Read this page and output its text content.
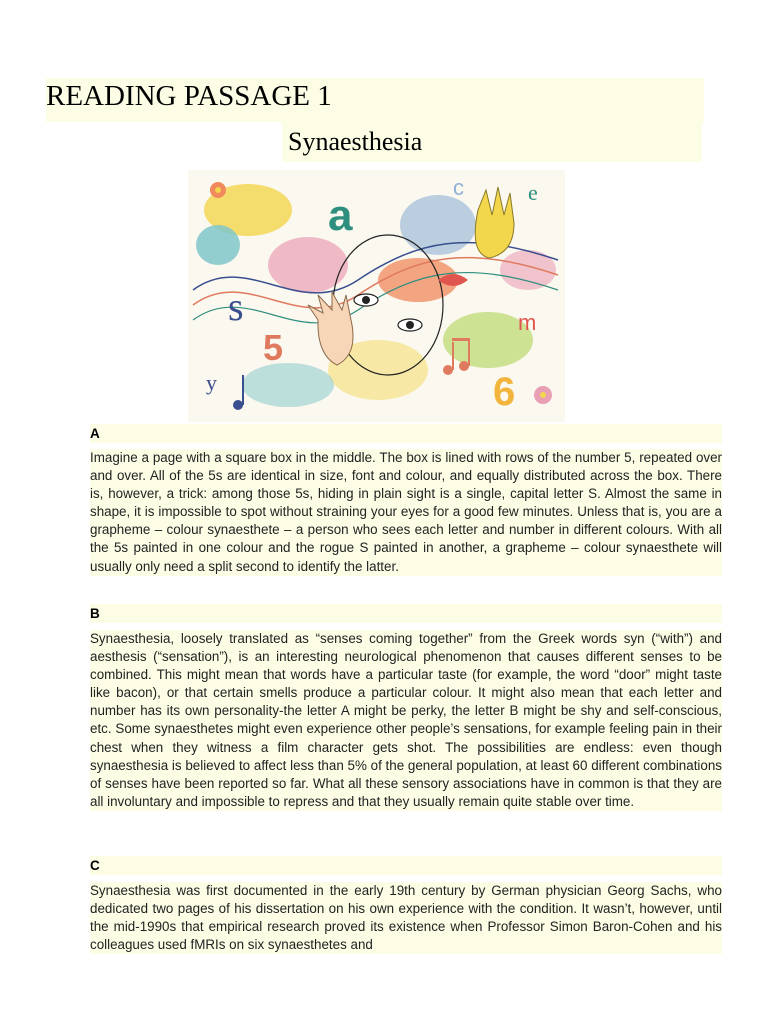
READING PASSAGE 1
Synaesthesia
a
s
5
6
m
y
e
c
A
Imagine a page with a square box in the middle. The box is lined with rows of the number 5, repeated over and over. All of the 5s are identical in size, font and colour, and equally distributed across the box. There is, however, a trick: among those 5s, hiding in plain sight is a single, capital letter S. Almost the same in shape, it is impossible to spot without straining your eyes for a good few minutes. Unless that is, you are a grapheme – colour synaesthete – a person who sees each letter and number in different colours. With all the 5s painted in one colour and the rogue S painted in another, a grapheme – colour synaesthete will usually only need a split second to identify the latter.
B
Synaesthesia, loosely translated as “senses coming together” from the Greek words syn (“with”) and aesthesis (“sensation”), is an interesting neurological phenomenon that causes different senses to be combined. This might mean that words have a particular taste (for example, the word “door” might taste like bacon), or that certain smells produce a particular colour. It might also mean that each letter and number has its own personality-the letter A might be perky, the letter B might be shy and self-conscious, etc. Some synaesthetes might even experience other people’s sensations, for example feeling pain in their chest when they witness a film character gets shot. The possibilities are endless: even though synaesthesia is believed to affect less than 5% of the general population, at least 60 different combinations of senses have been reported so far. What all these sensory associations have in common is that they are all involuntary and impossible to repress and that they usually remain quite stable over time.
C
Synaesthesia was first documented in the early 19th century by German physician Georg Sachs, who dedicated two pages of his dissertation on his own experience with the condition. It wasn’t, however, until the mid-1990s that empirical research proved its existence when Professor Simon Baron-Cohen and his colleagues used fMRIs on six synaesthetes and
